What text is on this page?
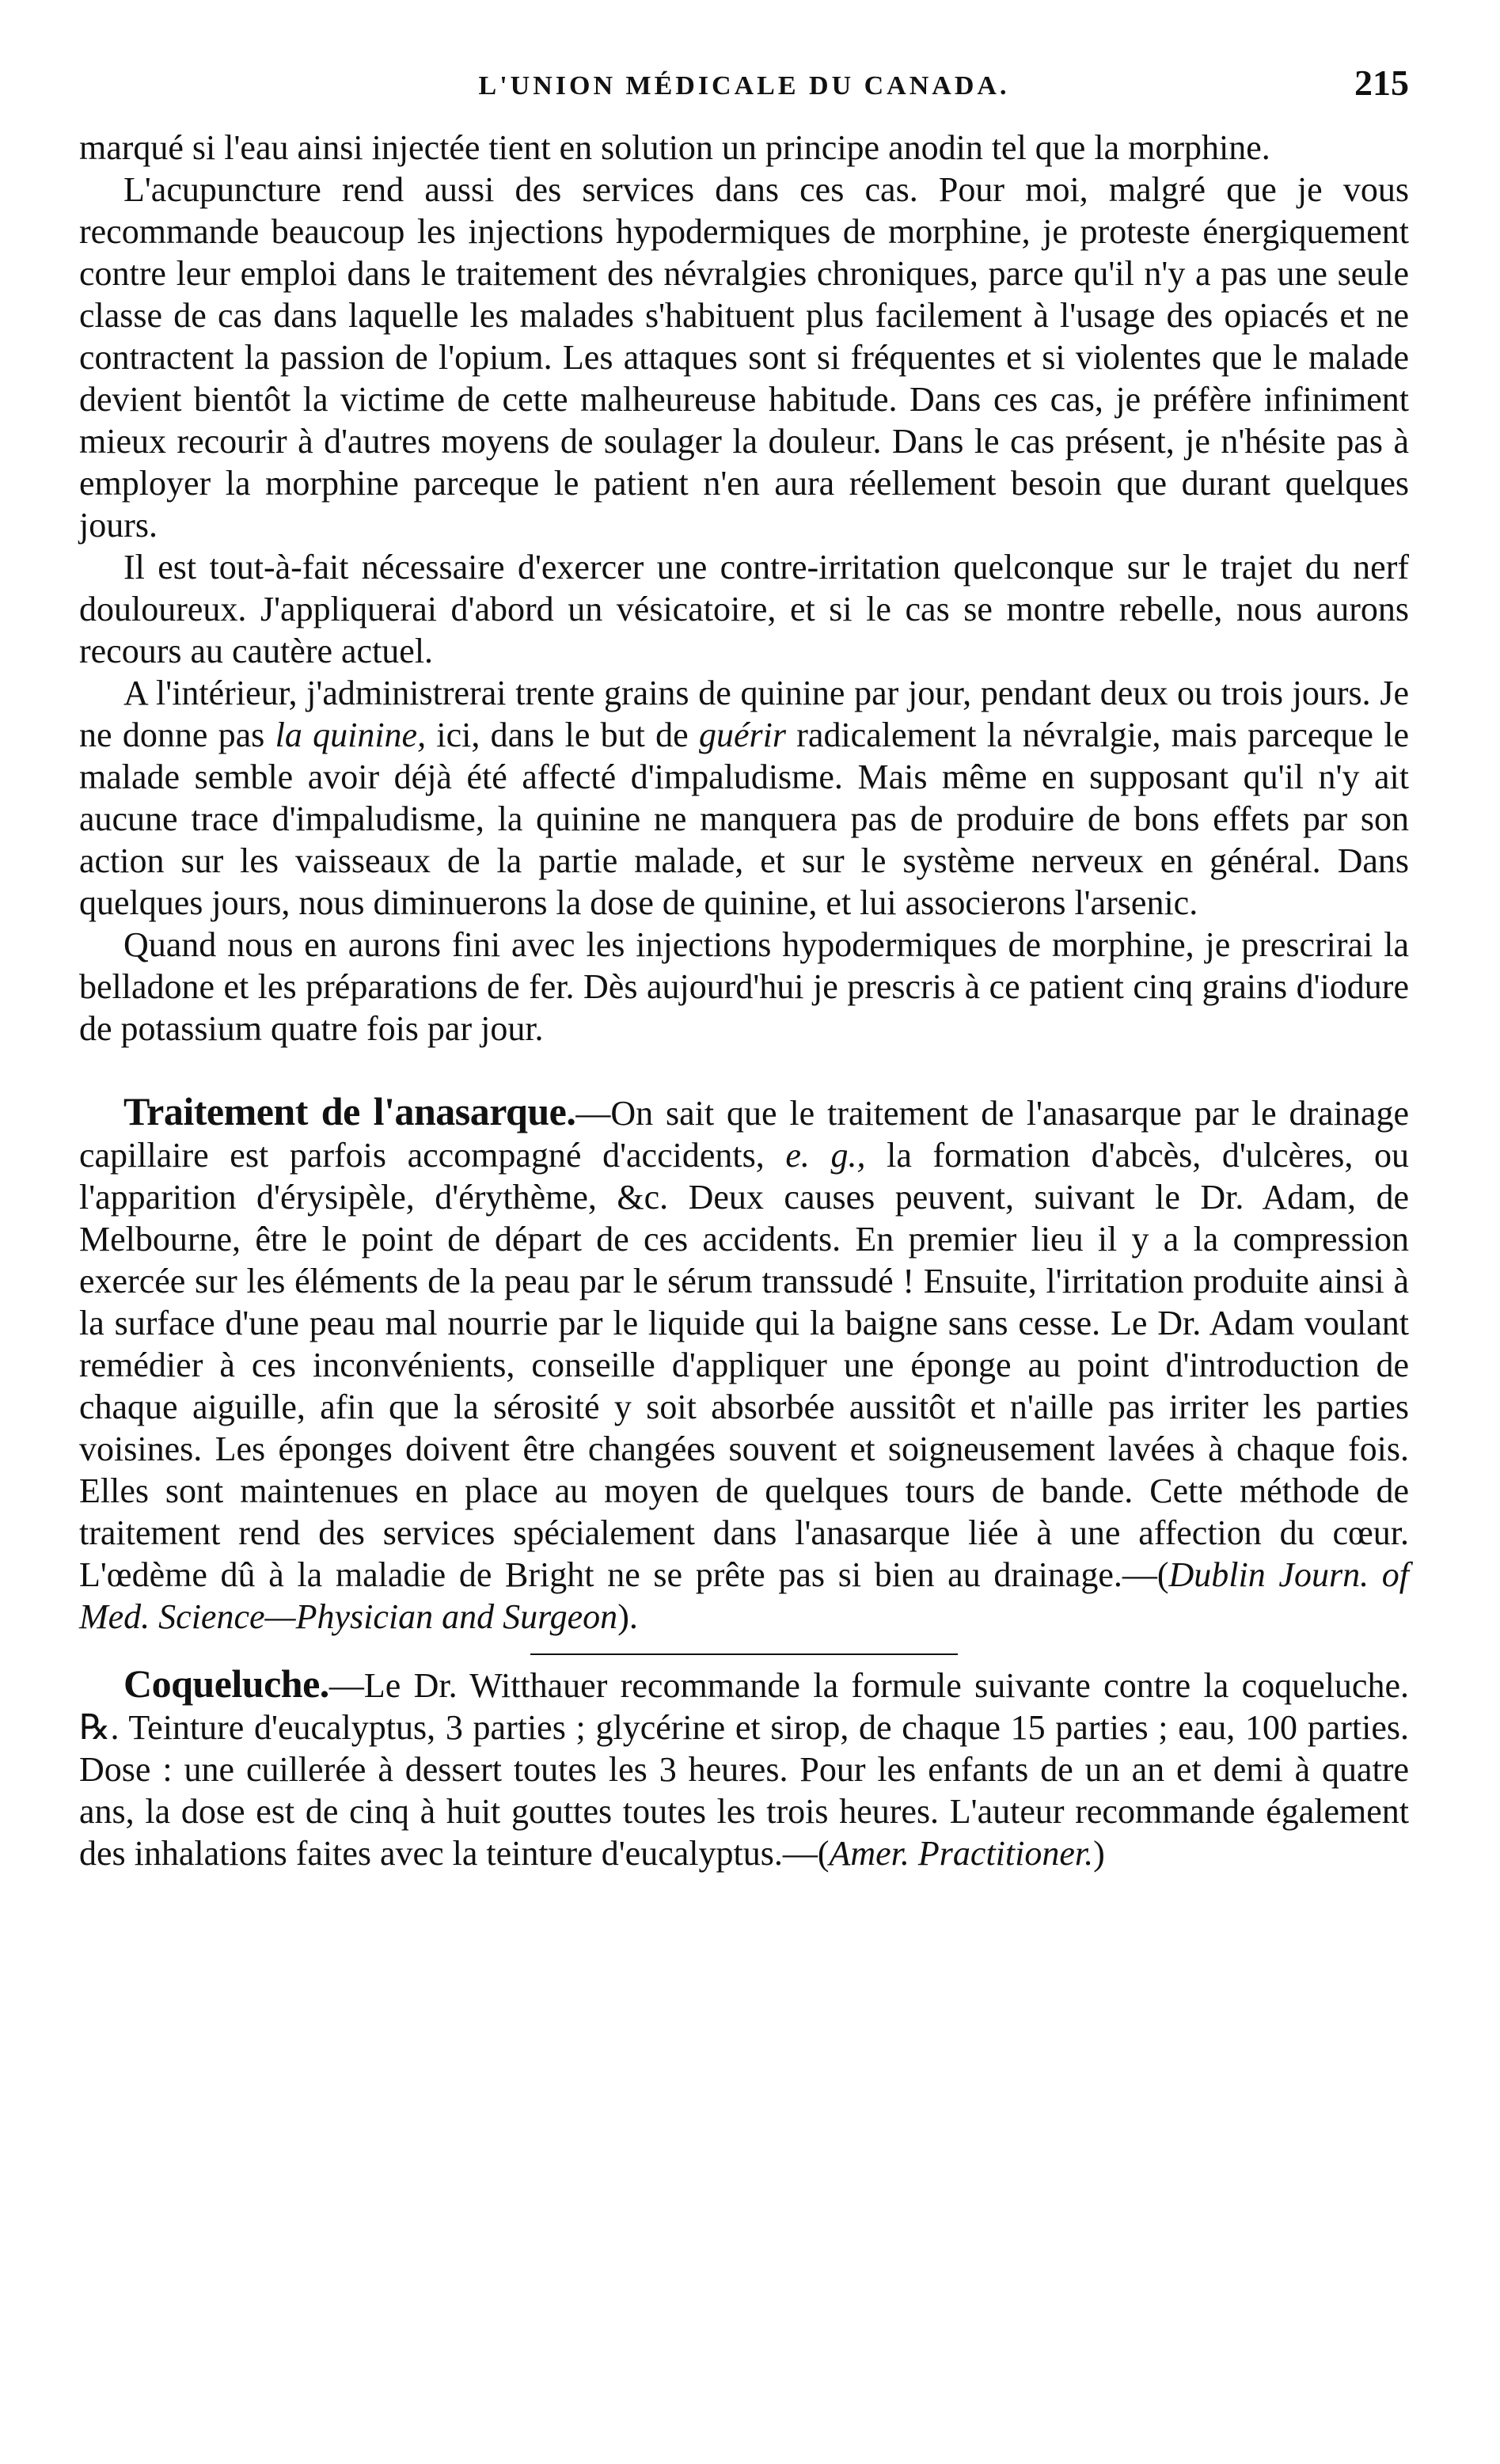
L'UNION MÉDICALE DU CANADA.	215

marqué si l'eau ainsi injectée tient en solution un principe anodin tel que la morphine.

L'acupuncture rend aussi des services dans ces cas. Pour moi, malgré que je vous recommande beaucoup les injections hypodermiques de morphine, je proteste énergiquement contre leur emploi dans le traitement des névralgies chroniques, parce qu'il n'y a pas une seule classe de cas dans laquelle les malades s'habituent plus facilement à l'usage des opiacés et ne contractent la passion de l'opium. Les attaques sont si fréquentes et si violentes que le malade devient bientôt la victime de cette malheureuse habitude. Dans ces cas, je préfère infiniment mieux recourir à d'autres moyens de soulager la douleur. Dans le cas présent, je n'hésite pas à employer la morphine parceque le patient n'en aura réellement besoin que durant quelques jours.

Il est tout-à-fait nécessaire d'exercer une contre-irritation quelconque sur le trajet du nerf douloureux. J'appliquerai d'abord un vésicatoire, et si le cas se montre rebelle, nous aurons recours au cautère actuel.

A l'intérieur, j'administrerai trente grains de quinine par jour, pendant deux ou trois jours. Je ne donne pas la quinine, ici, dans le but de guérir radicalement la névralgie, mais parceque le malade semble avoir déjà été affecté d'impaludisme. Mais même en supposant qu'il n'y ait aucune trace d'impaludisme, la quinine ne manquera pas de produire de bons effets par son action sur les vaisseaux de la partie malade, et sur le système nerveux en général. Dans quelques jours, nous diminuerons la dose de quinine, et lui associerons l'arsenic.

Quand nous en aurons fini avec les injections hypodermiques de morphine, je prescrirai la belladone et les préparations de fer. Dès aujourd'hui je prescris à ce patient cinq grains d'iodure de potassium quatre fois par jour.

Traitement de l'anasarque.—On sait que le traitement de l'anasarque par le drainage capillaire est parfois accompagné d'accidents, e. g., la formation d'abcès, d'ulcères, ou l'apparition d'érysipèle, d'érythème, &c. Deux causes peuvent, suivant le Dr. Adam, de Melbourne, être le point de départ de ces accidents. En premier lieu il y a la compression exercée sur les éléments de la peau par le sérum transsudé ! Ensuite, l'irritation produite ainsi à la surface d'une peau mal nourrie par le liquide qui la baigne sans cesse. Le Dr. Adam voulant remédier à ces inconvénients, conseille d'appliquer une éponge au point d'introduction de chaque aiguille, afin que la sérosité y soit absorbée aussitôt et n'aille pas irriter les parties voisines. Les éponges doivent être changées souvent et soigneusement lavées à chaque fois. Elles sont maintenues en place au moyen de quelques tours de bande. Cette méthode de traitement rend des services spécialement dans l'anasarque liée à une affection du cœur. L'œdème dû à la maladie de Bright ne se prête pas si bien au drainage.—(Dublin Journ. of Med. Science—Physician and Surgeon).

Coqueluche.—Le Dr. Witthauer recommande la formule suivante contre la coqueluche. ℞. Teinture d'eucalyptus, 3 parties ; glycérine et sirop, de chaque 15 parties ; eau, 100 parties. Dose : une cuillerée à dessert toutes les 3 heures. Pour les enfants de un an et demi à quatre ans, la dose est de cinq à huit gouttes toutes les trois heures. L'auteur recommande également des inhalations faites avec la teinture d'eucalyptus.—(Amer. Practitioner.)
